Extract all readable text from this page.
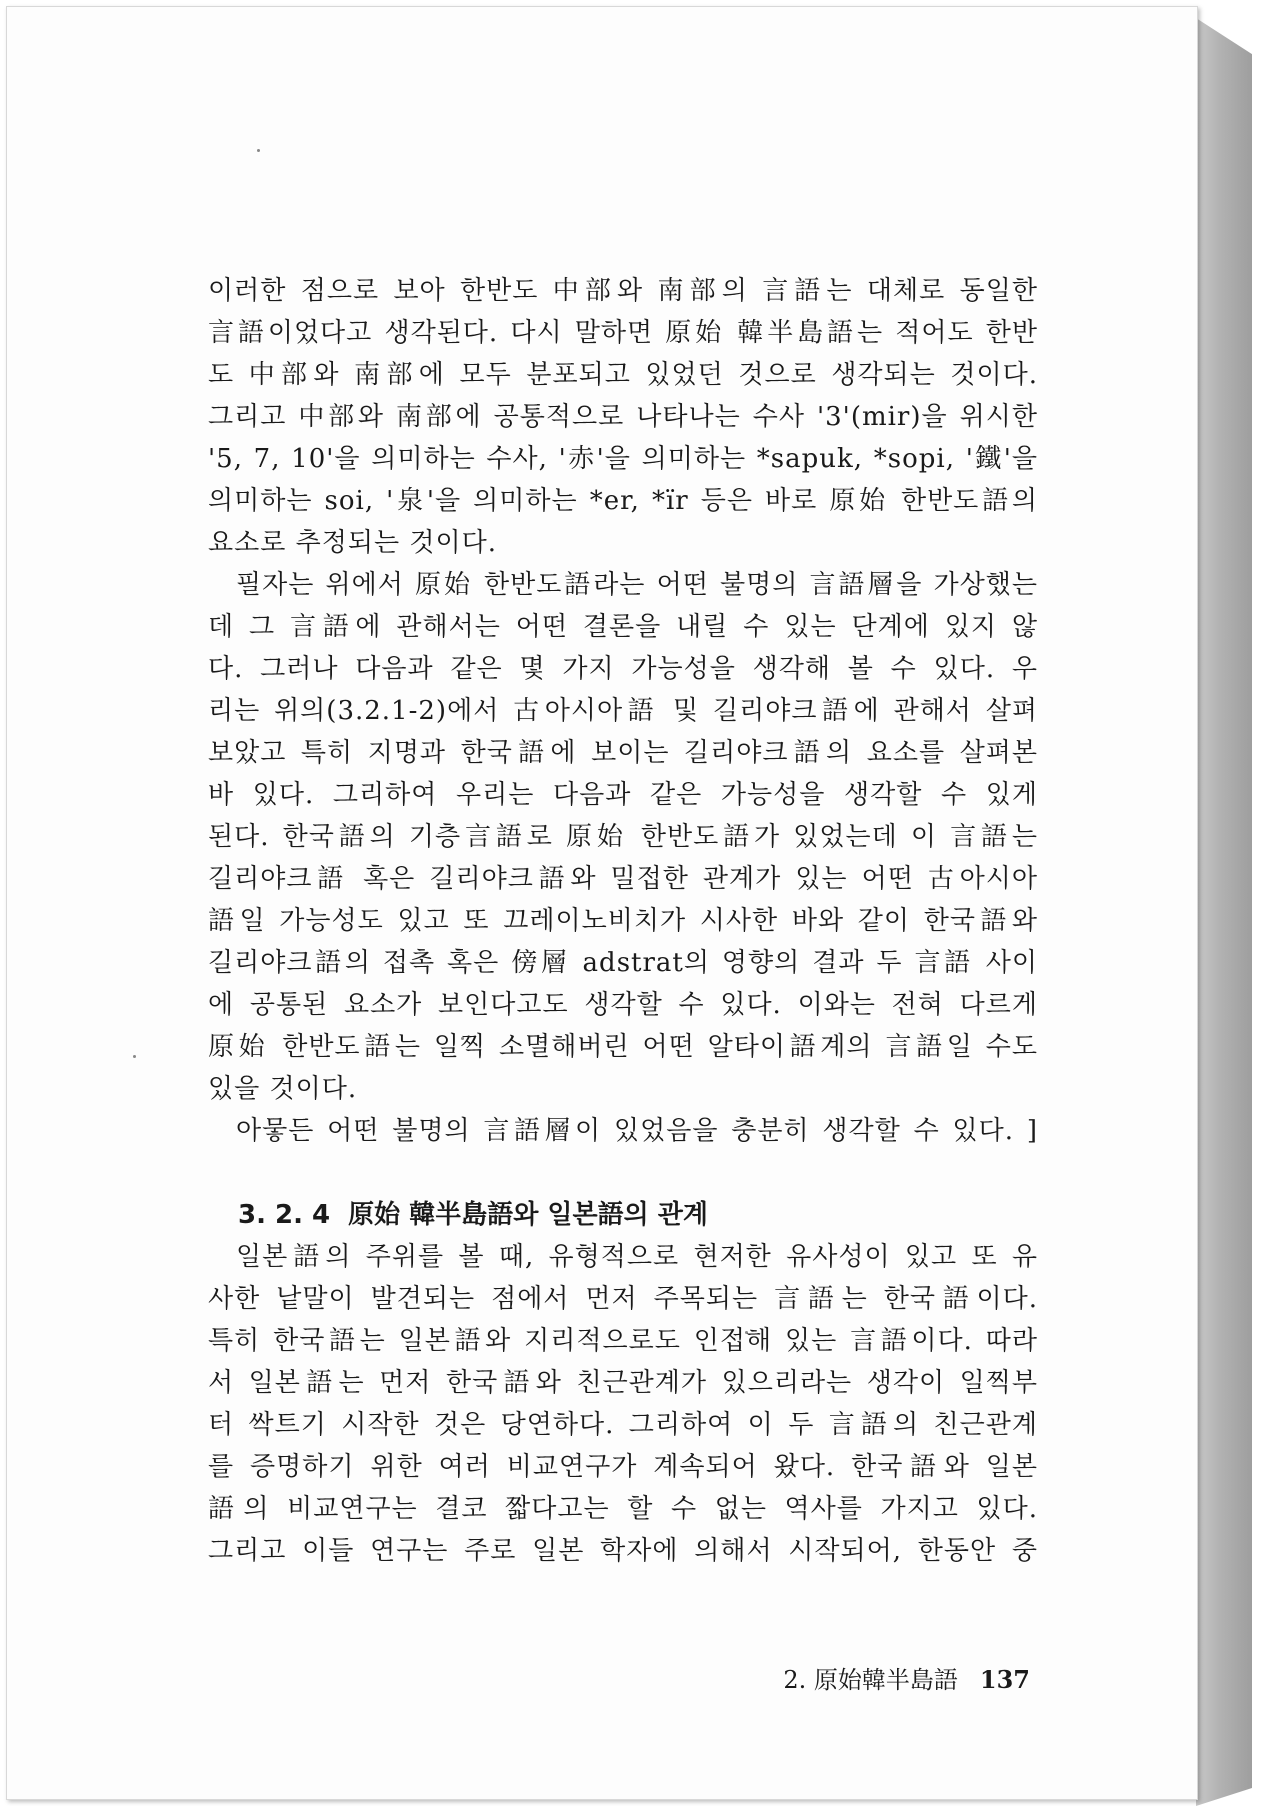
이러한 점으로 보아 한반도 中部와 南部의 言語는 대체로 동일한
言語이었다고 생각된다. 다시 말하면 原始 韓半島語는 적어도 한반
도 中部와 南部에 모두 분포되고 있었던 것으로 생각되는 것이다.
그리고 中部와 南部에 공통적으로 나타나는 수사 '3'(mir)을 위시한
'5, 7, 10'을 의미하는 수사, '赤'을 의미하는 *sapuk, *sopi, '鐵'을
의미하는 soi, '泉'을 의미하는 *er, *ïr 등은 바로 原始 한반도語의
요소로 추정되는 것이다.
필자는 위에서 原始 한반도語라는 어떤 불명의 言語層을 가상했는
데 그 言語에 관해서는 어떤 결론을 내릴 수 있는 단계에 있지 않
다. 그러나 다음과 같은 몇 가지 가능성을 생각해 볼 수 있다. 우
리는 위의(3.2.1-2)에서 古아시아語 및 길리야크語에 관해서 살펴
보았고 특히 지명과 한국語에 보이는 길리야크語의 요소를 살펴본
바 있다. 그리하여 우리는 다음과 같은 가능성을 생각할 수 있게
된다. 한국語의 기층言語로 原始 한반도語가 있었는데 이 言語는
길리야크語 혹은 길리야크語와 밀접한 관계가 있는 어떤 古아시아
語일 가능성도 있고 또 끄레이노비치가 시사한 바와 같이 한국語와
길리야크語의 접촉 혹은 傍層 adstrat의 영향의 결과 두 言語 사이
에 공통된 요소가 보인다고도 생각할 수 있다. 이와는 전혀 다르게
原始 한반도語는 일찍 소멸해버린 어떤 알타이語계의 言語일 수도
있을 것이다.
아뭏든 어떤 불명의 言語層이 있었음을 충분히 생각할 수 있다. ]
3. 2. 4 原始 韓半島語와 일본語의 관계
일본語의 주위를 볼 때, 유형적으로 현저한 유사성이 있고 또 유
사한 낱말이 발견되는 점에서 먼저 주목되는 言語는 한국語이다.
특히 한국語는 일본語와 지리적으로도 인접해 있는 言語이다. 따라
서 일본語는 먼저 한국語와 친근관계가 있으리라는 생각이 일찍부
터 싹트기 시작한 것은 당연하다. 그리하여 이 두 言語의 친근관계
를 증명하기 위한 여러 비교연구가 계속되어 왔다. 한국語와 일본
語의 비교연구는 결코 짧다고는 할 수 없는 역사를 가지고 있다.
그리고 이들 연구는 주로 일본 학자에 의해서 시작되어, 한동안 중
2. 原始韓半島語 137
